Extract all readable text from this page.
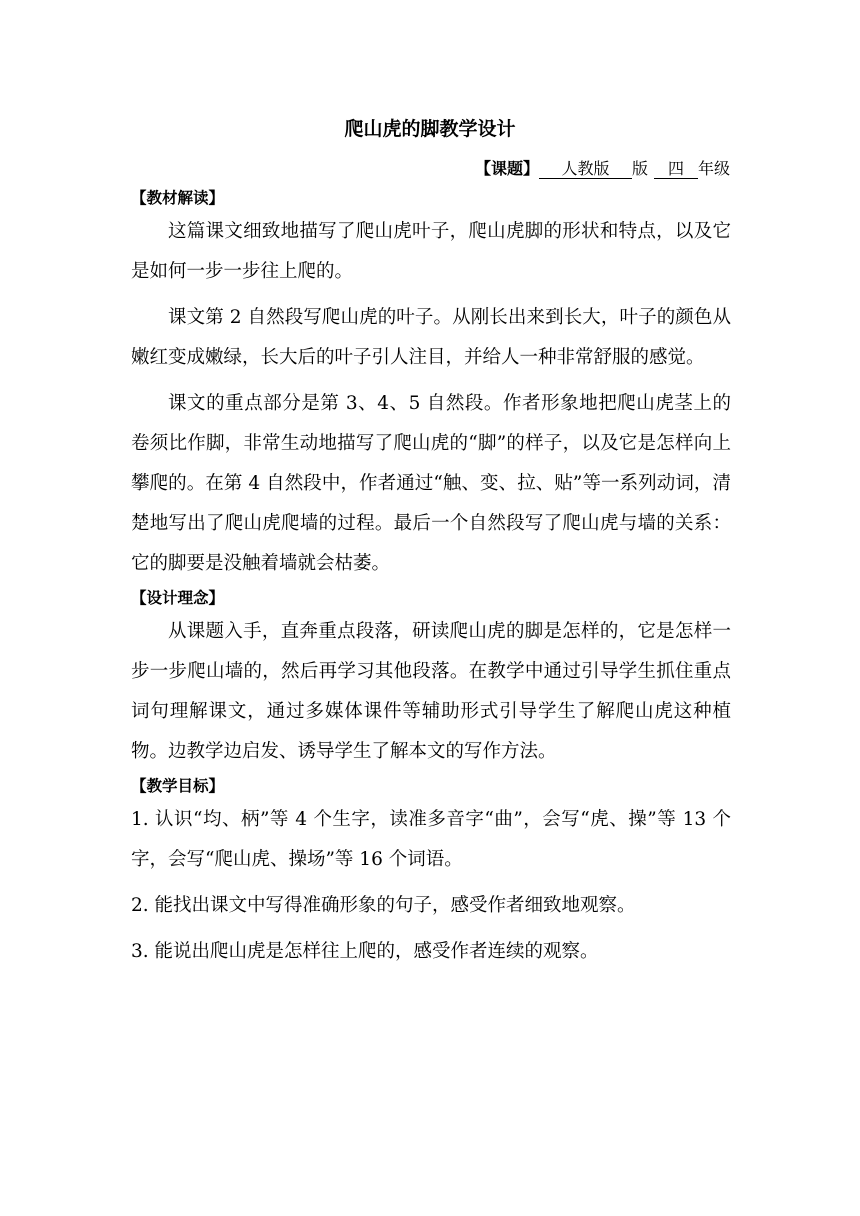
爬山虎的脚教学设计
【课题】 人教版 版 四 年级
【教材解读】

这篇课文细致地描写了爬山虎叶子，爬山虎脚的形状和特点，以及它是如何一步一步往上爬的。

课文第 2 自然段写爬山虎的叶子。从刚长出来到长大，叶子的颜色从嫩红变成嫩绿，长大后的叶子引人注目，并给人一种非常舒服的感觉。

课文的重点部分是第 3、4、5 自然段。作者形象地把爬山虎茎上的卷须比作脚，非常生动地描写了爬山虎的“脚”的样子，以及它是怎样向上攀爬的。在第 4 自然段中，作者通过“触、变、拉、贴”等一系列动词，清楚地写出了爬山虎爬墙的过程。最后一个自然段写了爬山虎与墙的关系：它的脚要是没触着墙就会枯萎。

【设计理念】

从课题入手，直奔重点段落，研读爬山虎的脚是怎样的，它是怎样一步一步爬山墙的，然后再学习其他段落。在教学中通过引导学生抓住重点词句理解课文，通过多媒体课件等辅助形式引导学生了解爬山虎这种植物。边教学边启发、诱导学生了解本文的写作方法。

【教学目标】

1. 认识“均、柄”等 4 个生字，读准多音字“曲”，会写“虎、操”等 13 个字，会写“爬山虎、操场”等 16 个词语。

2. 能找出课文中写得准确形象的句子，感受作者细致地观察。

3. 能说出爬山虎是怎样往上爬的，感受作者连续的观察。
